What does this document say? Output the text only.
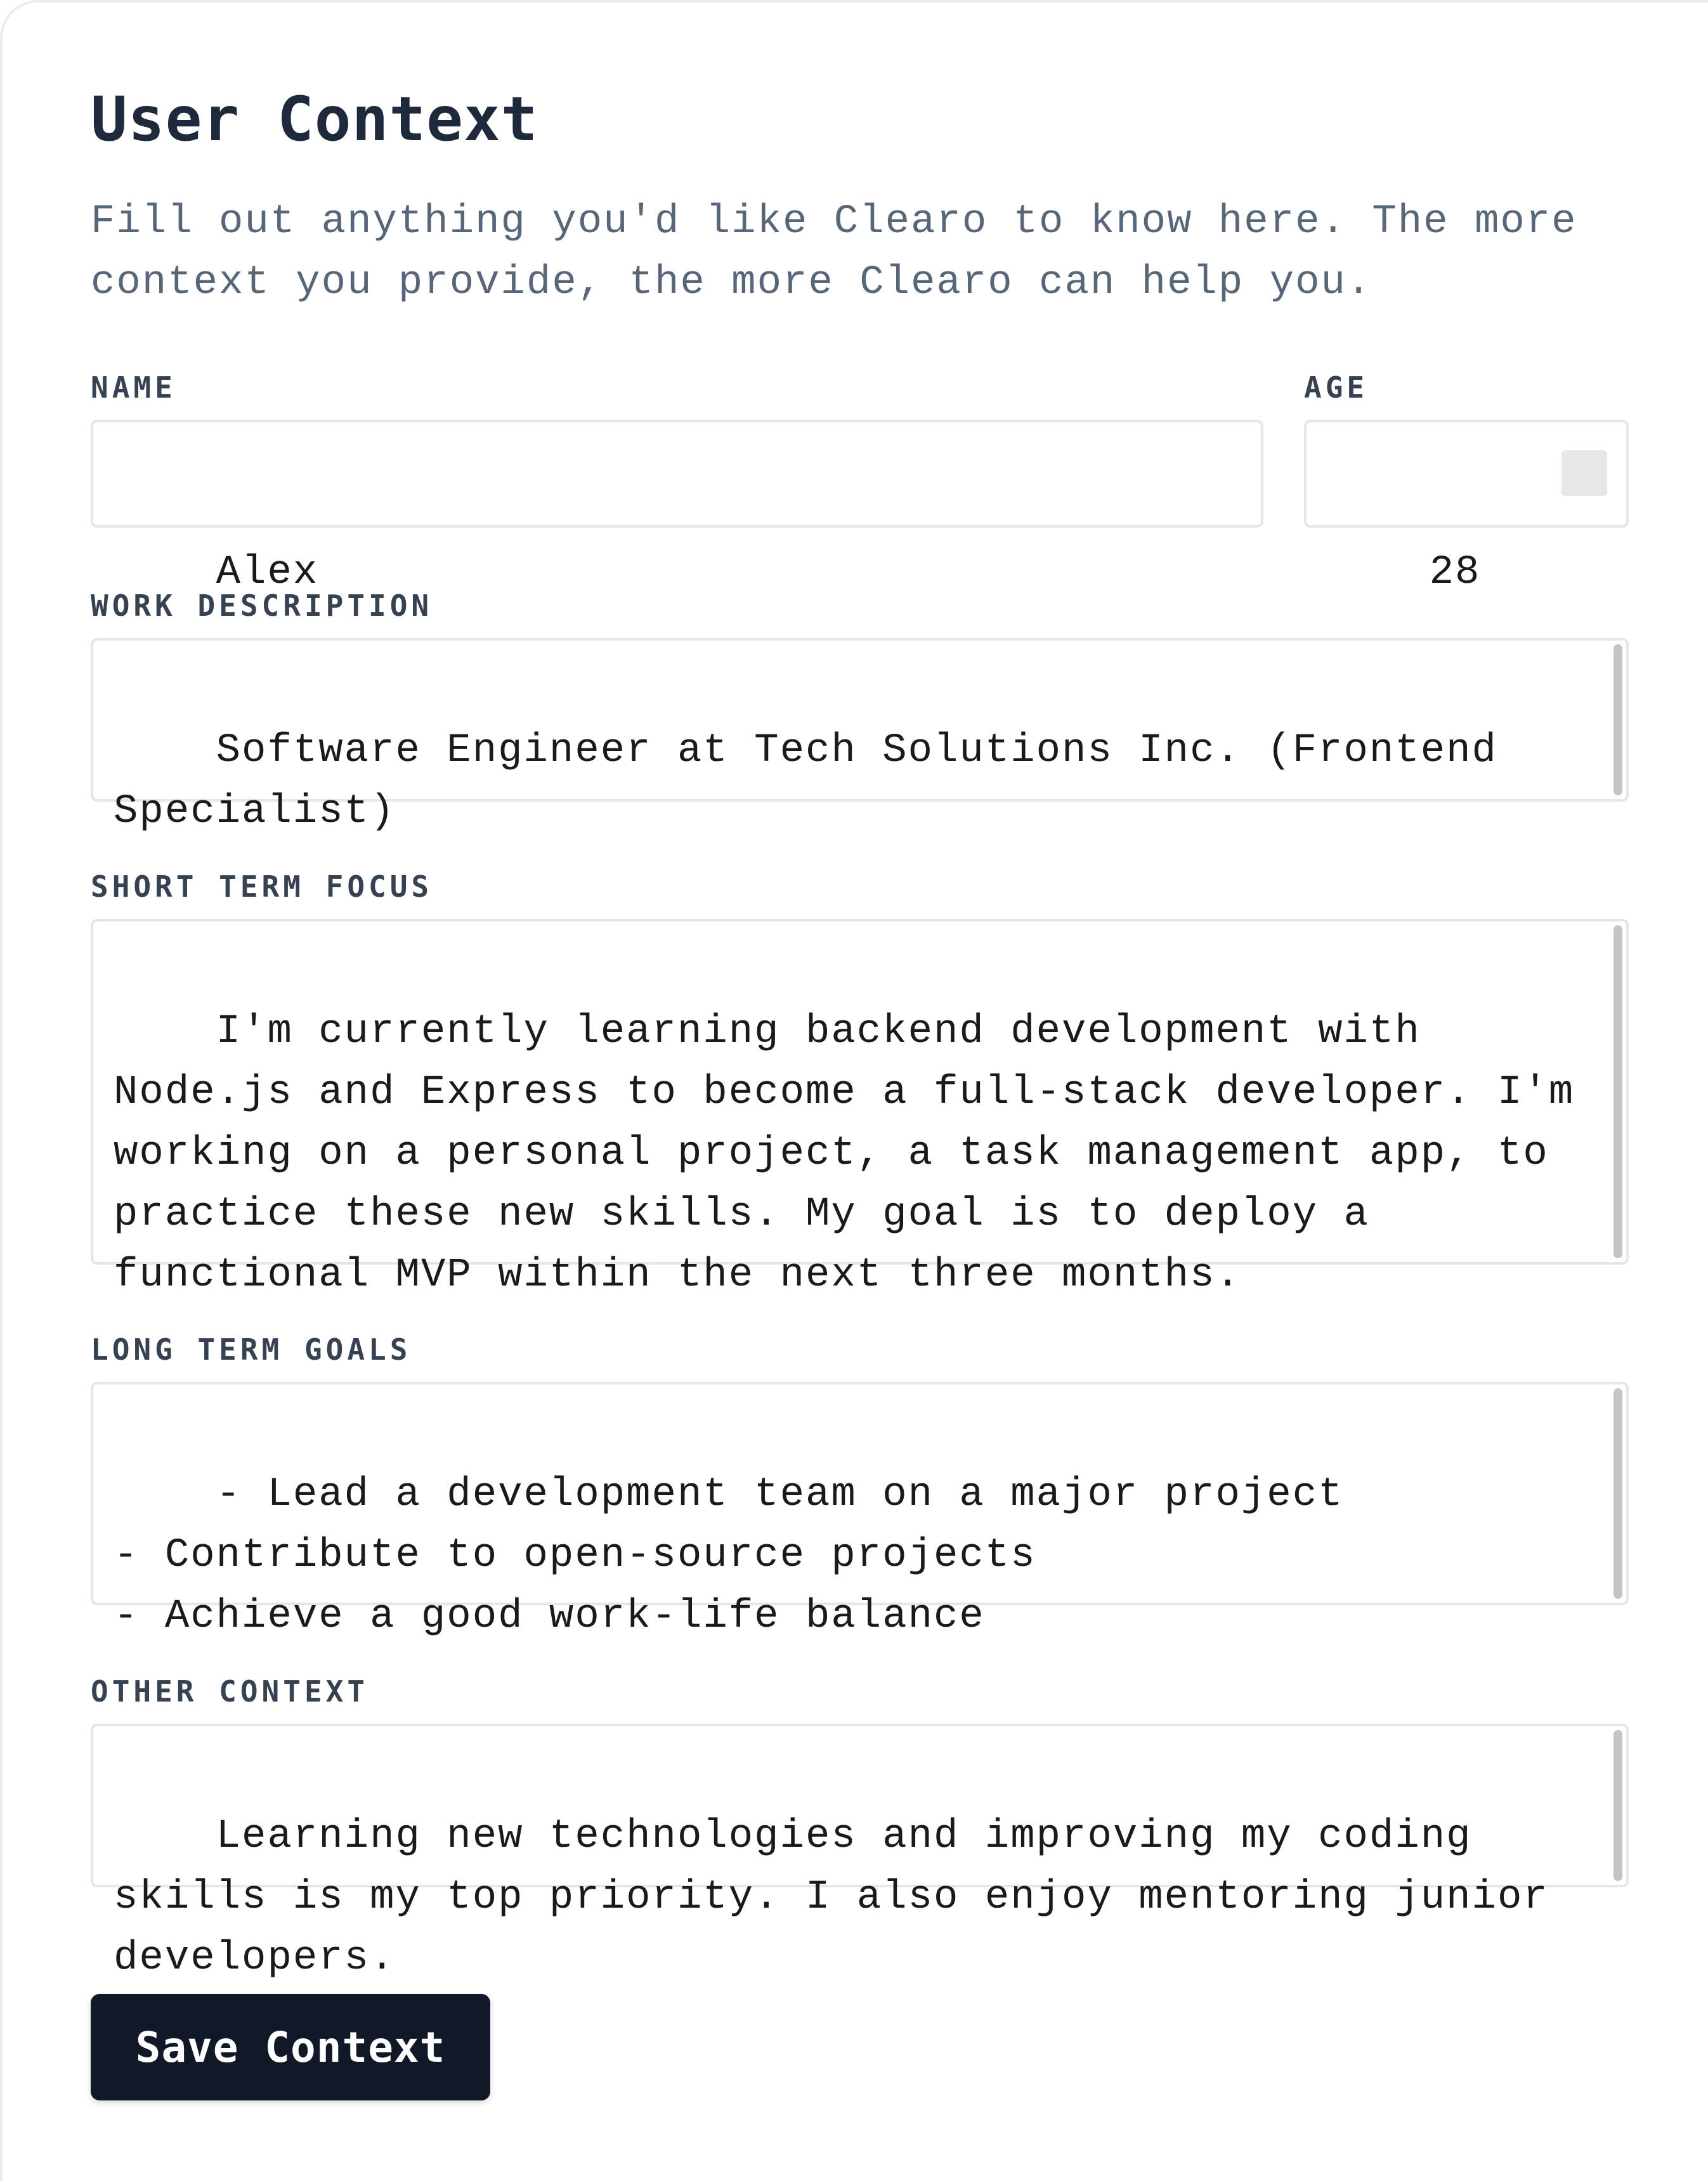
User Context

Fill out anything you'd like Clearo to know here. The more context you provide, the more Clearo can help you.

NAME

Alex

AGE

28

WORK DESCRIPTION

Software Engineer at Tech Solutions Inc. (Frontend Specialist)

SHORT TERM FOCUS

I'm currently learning backend development with Node.js and Express to become a full-stack developer. I'm working on a personal project, a task management app, to practice these new skills. My goal is to deploy a functional MVP within the next three months.

LONG TERM GOALS

- Lead a development team on a major project
- Contribute to open-source projects
- Achieve a good work-life balance

OTHER CONTEXT

Learning new technologies and improving my coding skills is my top priority. I also enjoy mentoring junior developers.

Save Context
